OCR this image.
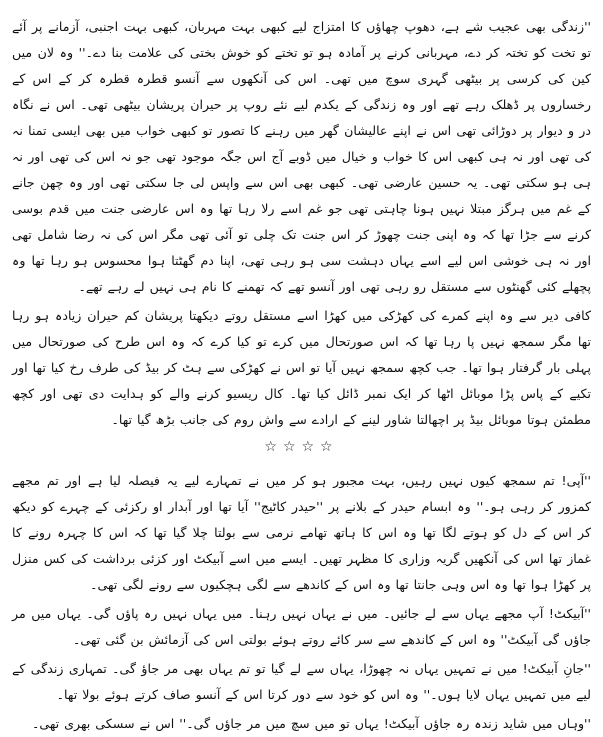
''زندگی بھی عجیب شے ہے، دھوپ چھاؤں کا امتزاج لیے کبھی بہت مہربان، کبھی بہت اجنبی، آزمانے پر آئے تو تخت کو تختہ کر دے، مہربانی کرنے پر آمادہ ہو تو تختے کو خوش بختی کی علامت بنا دے۔'' وہ لان میں کین کی کرسی پر بیٹھی گہری سوچ میں تھی۔ اس کی آنکھوں سے آنسو قطرہ قطرہ کر کے اس کے رخساروں پر ڈھلک رہے تھے اور وہ زندگی کے یکدم لیے نئے روپ پر حیران پریشان بیٹھی تھی۔ اس نے نگاہ در و دیوار پر دوڑائی تھی اس نے اپنے عالیشان گھر میں رہنے کا تصور تو کبھی خواب میں بھی ایسی تمنا نہ کی تھی اور نہ ہی کبھی اس کا خواب و خیال میں ڈوبے آج اس جگہ موجود تھی جو نہ اس کی تھی اور نہ ہی ہو سکتی تھی۔ یہ حسین عارضی تھی۔ کبھی بھی اس سے واپس لی جا سکتی تھی اور وہ چھن جانے کے غم میں ہرگز مبتلا نہیں ہونا چاہتی تھی جو غم اسے رلا رہا تھا وہ اس عارضی جنت میں قدم بوسی کرنے سے جڑا تھا کہ وہ اپنی جنت چھوڑ کر اس جنت تک چلی تو آئی تھی مگر اس کی نہ رضا شامل تھی اور نہ ہی خوشی اس لیے اسے یہاں دہشت سی ہو رہی تھی، اپنا دم گھٹتا ہوا محسوس ہو رہا تھا وہ پچھلے کئی گھنٹوں سے مستقل رو رہی تھی اور آنسو تھے کہ تھمنے کا نام ہی نہیں لے رہے تھے۔

کافی دیر سے وہ اپنے کمرے کی کھڑکی میں کھڑا اسے مستقل روتے دیکھتا پریشان کم حیران زیادہ ہو رہا تھا مگر سمجھ نہیں پا رہا تھا کہ اس صورتحال میں کرے تو کیا کرے کہ وہ اس طرح کی صورتحال میں پہلی بار گرفتار ہوا تھا۔ جب کچھ سمجھ نہیں آیا تو اس نے کھڑکی سے ہٹ کر بیڈ کی طرف رخ کیا تھا اور تکیے کے پاس پڑا موبائل اٹھا کر ایک نمبر ڈائل کیا تھا۔ کال ریسیو کرنے والے کو ہدایت دی تھی اور کچھ مطمئن ہوتا موبائل بیڈ پر اچھالتا شاور لینے کے ارادے سے واش روم کی جانب بڑھ گیا تھا۔

☆☆☆☆

''آپی! تم سمجھ کیوں نہیں رہیں، بہت مجبور ہو کر میں نے تمہارے لیے یہ فیصلہ لیا ہے اور تم مجھے کمزور کر رہی ہو۔'' وہ ابسام حیدر کے بلانے پر ''حیدر کاٹیج'' آیا تھا اور آبدار او رکزئی کے چہرے کو دیکھ کر اس کے دل کو ہوتے لگا تھا وہ اس کا ہاتھ تھامے نرمی سے بولتا چلا گیا تھا کہ اس کا چہرہ رونے کا غماز تھا اس کی آنکھیں گریہ وزاری کا مظہر تھیں۔ ایسے میں اسے آبیکٹ اور کزئی برداشت کی کس منزل پر کھڑا ہوا تھا وہ اس وہی جانتا تھا وہ اس کے کاندھے سے لگی ہچکیوں سے رونے لگی تھی۔

''آبیکٹ! آپ مجھے یہاں سے لے جائیں۔ میں نے یہاں نہیں رہنا۔ میں یہاں نہیں رہ پاؤں گی۔ یہاں میں مر جاؤں گی آبیکٹ'' وہ اس کے کاندھے سے سر کائے روتے ہوئے بولتی اس کی آزمائش بن گئی تھی۔

''جانِ آبیکٹ! میں نے تمہیں یہاں نہ چھوڑا، یہاں سے لے گیا تو تم یہاں بھی مر جاؤ گی۔ تمہاری زندگی کے لیے میں تمہیں یہاں لایا ہوں۔'' وہ اس کو خود سے دور کرتا اس کے آنسو صاف کرتے ہوئے بولا تھا۔

''وہاں میں شاید زندہ رہ جاؤں آبیکٹ! یہاں تو میں سچ میں مر جاؤں گی۔'' اس نے سسکی بھری تھی۔
